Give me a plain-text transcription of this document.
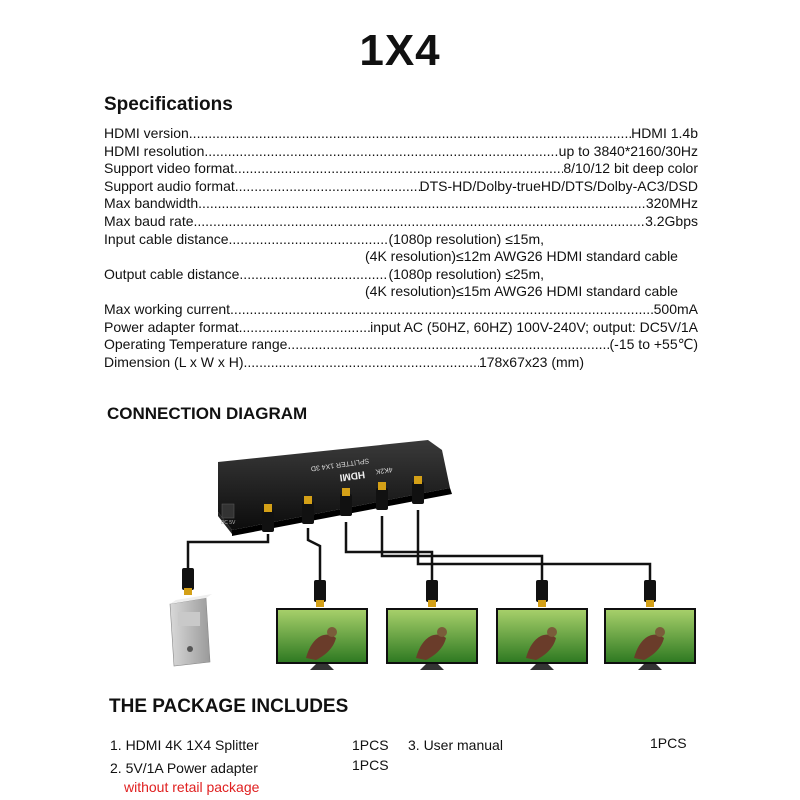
1X4
Specifications
HDMI version .....	HDMI 1.4b
HDMI resolution .....	up to 3840*2160/30Hz
Support video format .....	8/10/12 bit deep color
Support audio format .....	DTS-HD/Dolby-trueHD/DTS/Dolby-AC3/DSD
Max bandwidth .....	320MHz
Max baud rate .....	3.2Gbps
Input cable distance .....	(1080p resolution) ≤15m,
(4K resolution)≤12m AWG26 HDMI standard cable
Output cable distance .....	(1080p resolution) ≤25m,
(4K resolution)≤15m AWG26 HDMI standard cable
Max working current .....	500mA
Power adapter format .....	input AC (50HZ, 60HZ) 100V-240V; output: DC5V/1A
Operating Temperature range .....	(-15 to +55℃)
Dimension (L x W x H) .....	178x67x23 (mm)
CONNECTION DIAGRAM
DC 5V
4K2K
HDMI
SPLITTER 1X4 3D
THE PACKAGE INCLUDES
1. HDMI 4K 1X4 Splitter	1PCS 3. User manual	1PCS
2. 5V/1A Power adapter	1PCS
without retail package
